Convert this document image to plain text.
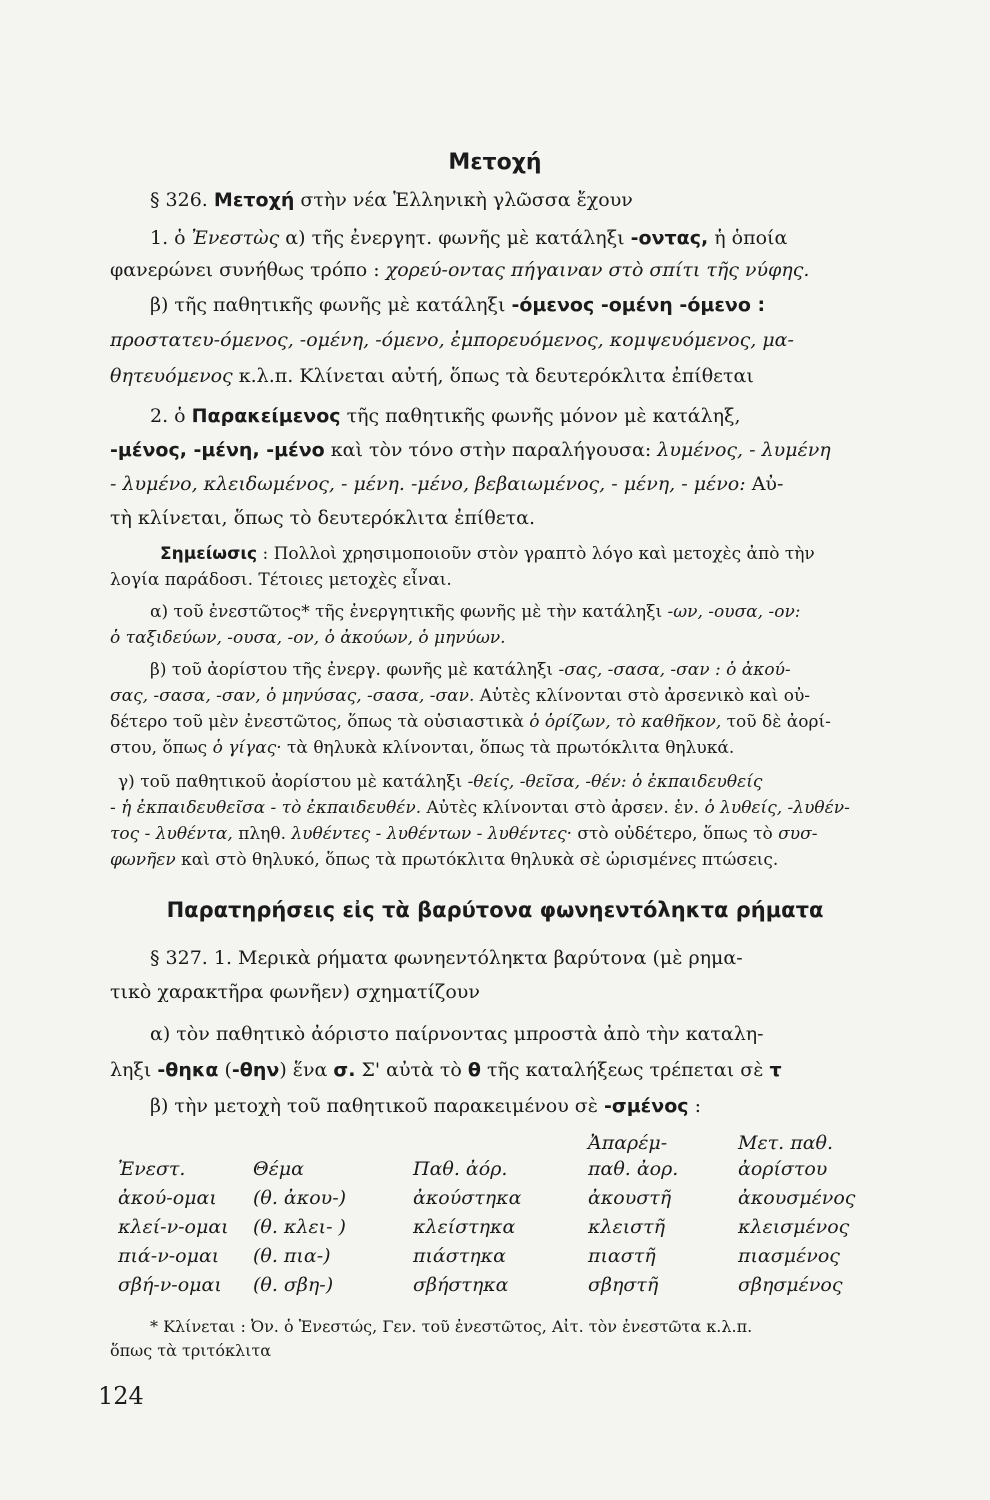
Μετοχή
§ 326. Μετοχή στὴν νέα Ἑλληνικὴ γλῶσσα ἔχουν
1. ὁ Ἐνεστὼς α) τῆς ἐνεργητ. φωνῆς μὲ κατάληξι -οντας, ἡ ὁποία
φανερώνει συνήθως τρόπο : χορεύ-οντας πήγαιναν στὸ σπίτι τῆς νύφης.
β) τῆς παθητικῆς φωνῆς μὲ κατάληξι -όμενος -ομένη -όμενο :
προστατευ-όμενος, -ομένη, -όμενο, ἐμπορευόμενος, κομψευόμενος, μα-
θητευόμενος κ.λ.π. Κλίνεται αὐτή, ὅπως τὰ δευτερόκλιτα ἐπίθεται
2. ὁ Παρακείμενος τῆς παθητικῆς φωνῆς μόνον μὲ κατάληξ,
-μένος, -μένη, -μένο καὶ τὸν τόνο στὴν παραλήγουσα: λυμένος, - λυμένη
- λυμένο, κλειδωμένος, - μένη. -μένο, βεβαιωμένος, - μένη, - μένο: Αὐ-
τὴ κλίνεται, ὅπως τὸ δευτερόκλιτα ἐπίθετα.
Σημείωσις : Πολλοὶ χρησιμοποιοῦν στὸν γραπτὸ λόγο καὶ μετοχὲς ἀπὸ τὴν
λογία παράδοσι. Τέτοιες μετοχὲς εἶναι.
α) τοῦ ἐνεστῶτος* τῆς ἐνεργητικῆς φωνῆς μὲ τὴν κατάληξι -ων, -ουσα, -ον:
ὁ ταξιδεύων, -ουσα, -ον, ὁ ἀκούων, ὁ μηνύων.
β) τοῦ ἀορίστου τῆς ἐνεργ. φωνῆς μὲ κατάληξι -σας, -σασα, -σαν : ὁ ἀκού-
σας, -σασα, -σαν, ὁ μηνύσας, -σασα, -σαν. Αὐτὲς κλίνονται στὸ ἀρσενικὸ καὶ οὐ-
δέτερο τοῦ μὲν ἐνεστῶτος, ὅπως τὰ οὐσιαστικὰ ὁ ὁρίζων, τὸ καθῆκον, τοῦ δὲ ἀορί-
στου, ὅπως ὁ γίγας· τὰ θηλυκὰ κλίνονται, ὅπως τὰ πρωτόκλιτα θηλυκά.
γ) τοῦ παθητικοῦ ἀορίστου μὲ κατάληξι -θείς, -θεῖσα, -θέν: ὁ ἐκπαιδευθείς
- ἡ ἐκπαιδευθεῖσα - τὸ ἐκπαιδευθέν. Αὐτὲς κλίνονται στὸ ἀρσεν. ἑν. ὁ λυθείς, -λυθέν-
τος - λυθέντα, πληθ. λυθέντες - λυθέντων - λυθέντες· στὸ οὐδέτερο, ὅπως τὸ συσ-
φωνῆεν καὶ στὸ θηλυκό, ὅπως τὰ πρωτόκλιτα θηλυκὰ σὲ ὡρισμένες πτώσεις.
Παρατηρήσεις εἰς τὰ βαρύτονα φωνηεντόληκτα ρήματα
§ 327. 1. Μερικὰ ρήματα φωνηεντόληκτα βαρύτονα (μὲ ρημα-
τικὸ χαρακτῆρα φωνῆεν) σχηματίζουν
α) τὸν παθητικὸ ἀόριστο παίρνοντας μπροστὰ ἀπὸ τὴν καταλη-
ληξι -θηκα (-θην) ἕνα σ. Σ' αὐτὰ τὸ θ τῆς καταλήξεως τρέπεται σὲ τ
β) τὴν μετοχὴ τοῦ παθητικοῦ παρακειμένου σὲ -σμένος :
			Ἀπαρέμ-	Μετ. παθ.
Ἐνεστ.	Θέμα	Παθ. ἀόρ.	παθ. ἀορ.	ἀορίστου
ἀκού-ομαι	(θ. ἀκου-)	ἀκούστηκα	ἀκουστῆ	ἀκουσμένος
κλεί-ν-ομαι	(θ. κλει- )	κλείστηκα	κλειστῆ	κλεισμένος
πιά-ν-ομαι	(θ. πια-)	πιάστηκα	πιαστῆ	πιασμένος
σβή-ν-ομαι	(θ. σβη-)	σβήστηκα	σβηστῆ	σβησμένος
* Κλίνεται : Ὀν. ὁ Ἐνεστώς, Γεν. τοῦ ἐνεστῶτος, Αἰτ. τὸν ἐνεστῶτα κ.λ.π.
ὅπως τὰ τριτόκλιτα
124
